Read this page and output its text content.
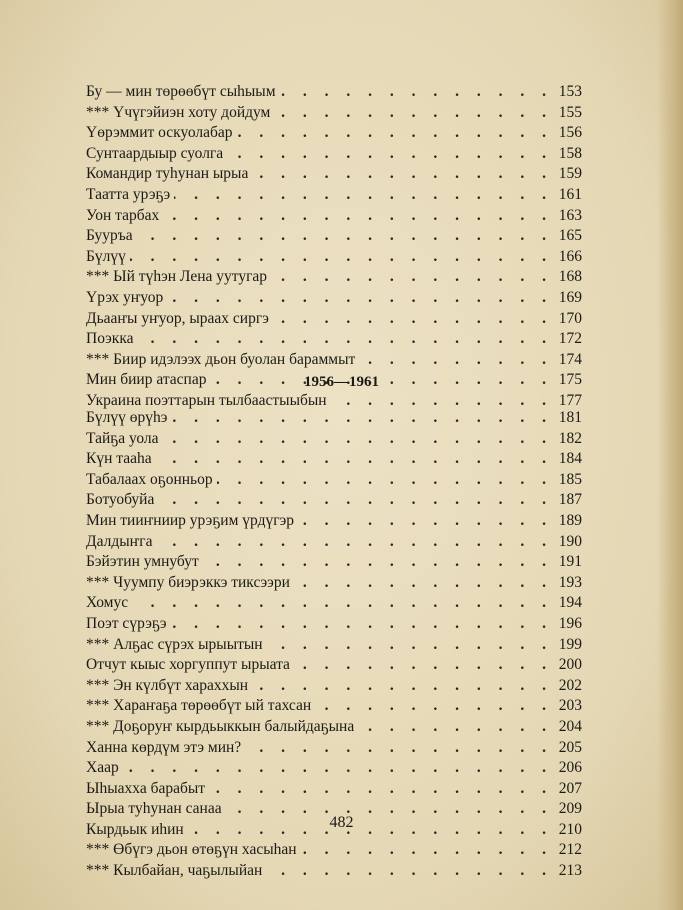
Бу — мин төрөөбүт сыhыым . . .	153
*** Үчүгэйиэн хоту дойдум . . .	155
Үөрэммит оскуолабар . . .	156
Сунтаардыыр суолга . . .	158
Командир туhунан ырыа . . .	159
Таатта урэҕэ . . .	161
Уон тарбах . . .	163
Бууръа . . .	165
Бүлүү . . .	166
*** Ый түhэн Лена уутугар . . .	168
Үрэх уҥуор . . .	169
Дьааҥы уҥуор, ыраах сиргэ . . .	170
Поэкка . . .	172
*** Биир идэлээх дьон буолан бараммыт . . .	174
Мин биир атаспар . . .	175
Украина поэттарын тылбаастыыбын . . .	177
1956—1961
Бүлүү өрүhэ . . .	181
Тайҕа уола . . .	182
Күн тааhа . . .	184
Табалаах оҕонньор . . .	185
Ботуобуйа . . .	187
Мин тииҥниир урэҕим үрдүгэр . . .	189
Далдыҥга . . .	190
Бэйэтин умнубут . . .	191
*** Чуумпу биэрэккэ тиксээри . . .	193
Хомус . . .	194
Поэт сүрэҕэ . . .	196
*** Алҕас сүрэх ырыытын . . .	199
Отчут кыыс хоргуппут ырыата . . .	200
*** Эн күлбүт хараххын . . .	202
*** Хараҥаҕа төрөөбүт ый тахсан . . .	203
*** Доҕоруҥ кырдьыккын балыйдаҕына . . .	204
Ханна көрдүм этэ мин? . . .	205
Хаар . . .	206
Ыhыахха барабыт . . .	207
Ырыа туhунан санаа . . .	209
Кырдьык иhин . . .	210
*** Өбүгэ дьон өтөҕүн хасыhан . . .	212
*** Кылбайан, чаҕылыйан . . .	213
482
